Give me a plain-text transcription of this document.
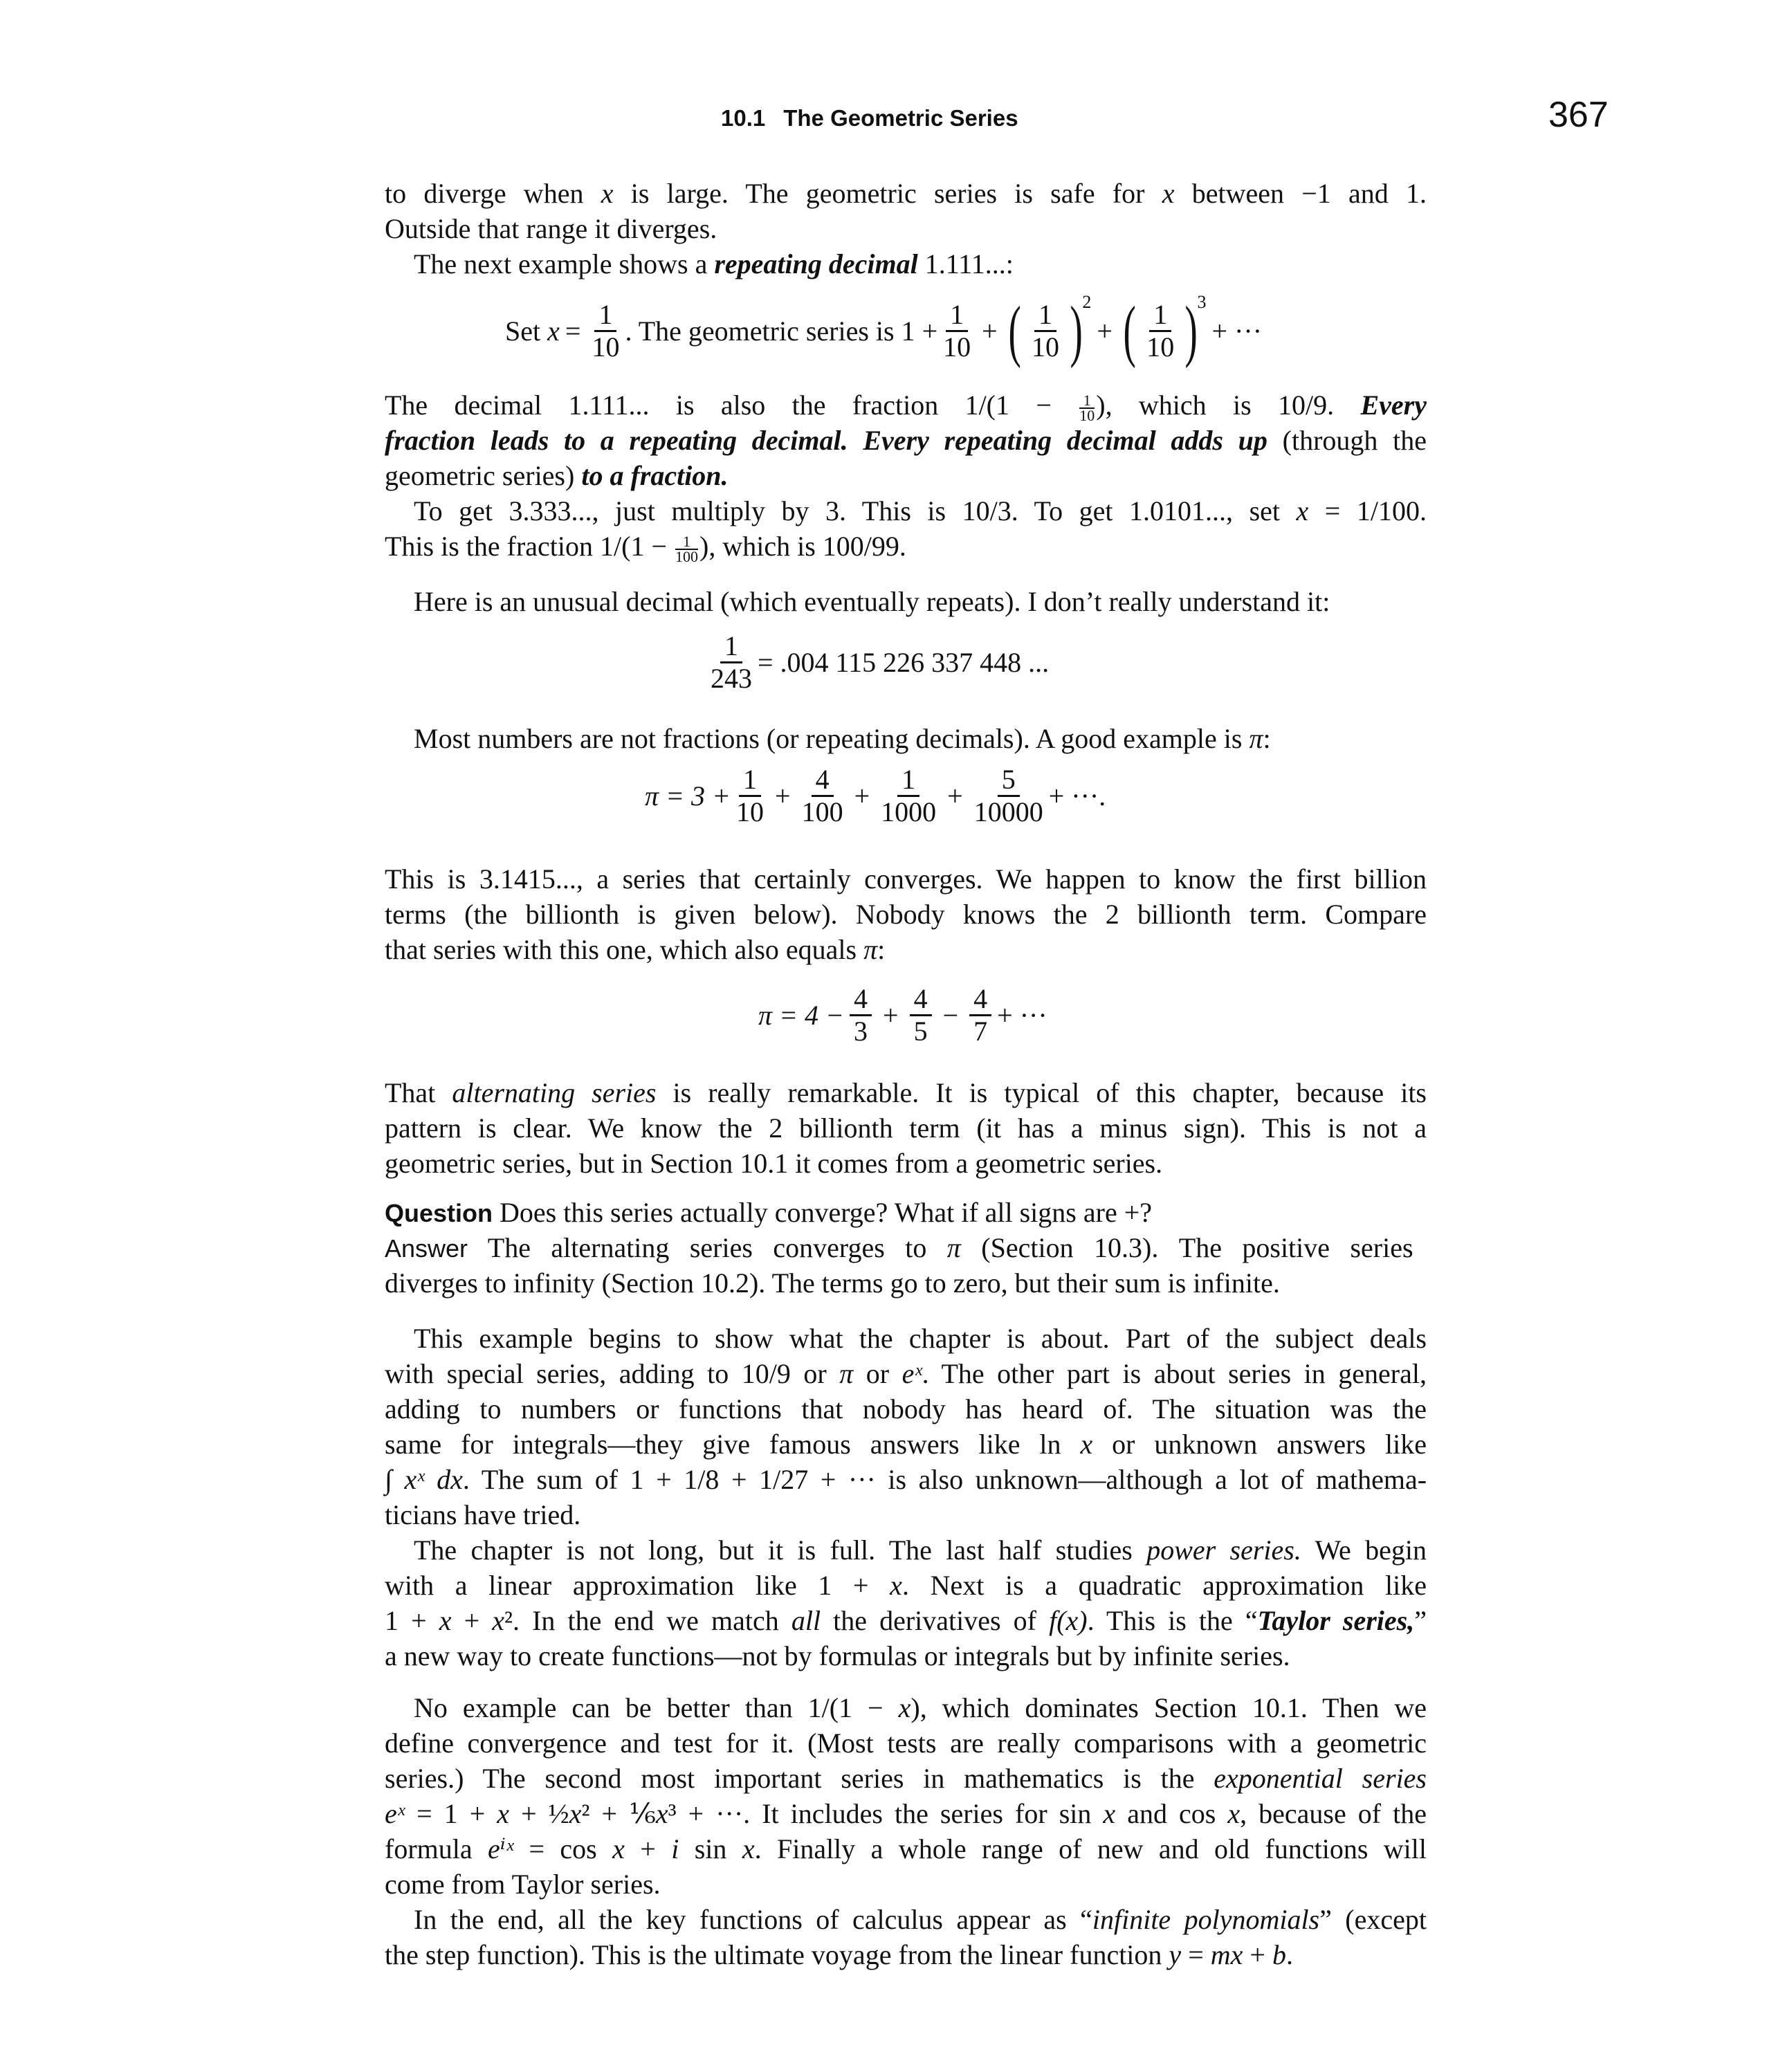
10.1 The Geometric Series	367
to diverge when x is large. The geometric series is safe for x between −1 and 1.
Outside that range it diverges.
The next example shows a repeating decimal 1.111...:
Set
$x = \frac{1}{10}$ . The geometric series is $1 + \frac{1}{10}$ + ( $\frac{1}{10}$ ) 2
+ ( $\frac{1}{10}$ ) 3
+ ···
The decimal 1.111... is also the fraction $1/(1 - \frac{1}{10}$ ), which is 10/9. Every
fraction leads to a repeating decimal. Every repeating decimal adds up (through the
geometric series) to a fraction.
To get 3.333..., just multiply by 3. This is 10/3. To get 1.0101..., set x = 1/100.
This is the fraction $1/(1 - \frac{1}{100}$ ), which is 100/99.
Here is an unusual decimal (which eventually repeats). I don’t really understand it:
$\frac{1}{243} = .004$ 115 226 337 448 ...
Most numbers are not fractions (or repeating decimals). A good example is π:
$\pi = 3 + \frac{1}{10} + \frac{4}{100} + \frac{1}{1000} + \frac{5}{10000}$ + ···.
This is 3.1415..., a series that certainly converges. We happen to know the first billion
terms (the billionth is given below). Nobody knows the 2 billionth term. Compare
that series with this one, which also equals π:
$\pi = 4 - \frac{4}{3} + \frac{4}{5} - \frac{4}{7}$ + ···
That alternating series is really remarkable. It is typical of this chapter, because its
pattern is clear. We know the 2 billionth term (it has a minus sign). This is not a
geometric series, but in Section 10.1 it comes from a geometric series.
Question Does this series actually converge? What if all signs are +?
Answer The alternating series converges to π (Section 10.3). The positive series
diverges to infinity (Section 10.2). The terms go to zero, but their sum is infinite.
This example begins to show what the chapter is about. Part of the subject deals
with special series, adding to 10/9 or π or eˣ. The other part is about series in general,
adding to numbers or functions that nobody has heard of. The situation was the
same for integrals—they give famous answers like ln x or unknown answers like
∫ xˣ dx. The sum of 1 + 1/8 + 1/27 + ··· is also unknown—although a lot of mathema-
ticians have tried.
The chapter is not long, but it is full. The last half studies power series. We begin
with a linear approximation like 1 + x. Next is a quadratic approximation like
1 + x + x². In the end we match all the derivatives of f(x). This is the “Taylor series,”
a new way to create functions—not by formulas or integrals but by infinite series.
No example can be better than 1/(1 − x), which dominates Section 10.1. Then we
define convergence and test for it. (Most tests are really comparisons with a geometric
series.) The second most important series in mathematics is the exponential series
eˣ = 1 + x + ½x² + ⅙x³ + ···. It includes the series for sin x and cos x, because of the
formula eⁱˣ = cos x + i sin x. Finally a whole range of new and old functions will
come from Taylor series.
In the end, all the key functions of calculus appear as “infinite polynomials” (except
the step function). This is the ultimate voyage from the linear function y = mx + b.
